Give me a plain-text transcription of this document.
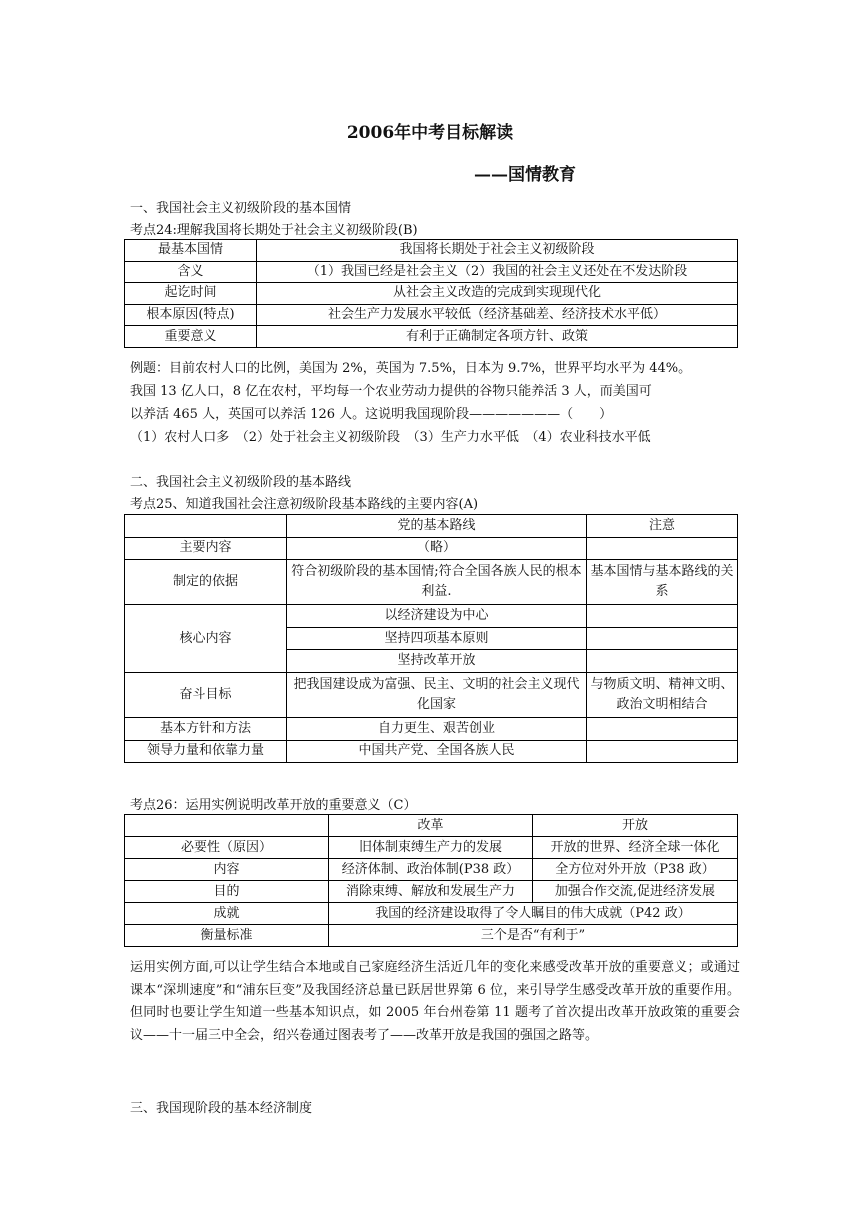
2006年中考目标解读
——国情教育
一、我国社会主义初级阶段的基本国情
考点24:理解我国将长期处于社会主义初级阶段(B)
最基本国情	我国将长期处于社会主义初级阶段
含义	（1）我国已经是社会主义（2）我国的社会主义还处在不发达阶段
起讫时间	从社会主义改造的完成到实现现代化
根本原因(特点)	社会生产力发展水平较低（经济基础差、经济技术水平低）
重要意义	有利于正确制定各项方针、政策
例题：目前农村人口的比例，美国为 2%，英国为 7.5%，日本为 9.7%，世界平均水平为 44%。
我国 13 亿人口，8 亿在农村，平均每一个农业劳动力提供的谷物只能养活 3 人，而美国可
以养活 465 人，英国可以养活 126 人。这说明我国现阶段———————（　　）
（1）农村人口多　（2）处于社会主义初级阶段　（3）生产力水平低　（4）农业科技水平低
二、我国社会主义初级阶段的基本路线
考点25、知道我国社会注意初级阶段基本路线的主要内容(A)
	党的基本路线	注意
主要内容	（略）	
制定的依据	符合初级阶段的基本国情;符合全国各族人民的根本利益.	基本国情与基本路线的关系
核心内容	以经济建设为中心	
	坚持四项基本原则	
	坚持改革开放	
奋斗目标	把我国建设成为富强、民主、文明的社会主义现代化国家	与物质文明、精神文明、政治文明相结合
基本方针和方法	自力更生、艰苦创业	
领导力量和依靠力量	中国共产党、全国各族人民	
考点26：运用实例说明改革开放的重要意义（C）
	改革	开放
必要性（原因）	旧体制束缚生产力的发展	开放的世界、经济全球一体化
内容	经济体制、政治体制(P38 政）	全方位对外开放（P38 政）
目的	消除束缚、解放和发展生产力	加强合作交流,促进经济发展
成就	我国的经济建设取得了令人瞩目的伟大成就（P42 政）	
衡量标准	三个是否“有利于”	
运用实例方面,可以让学生结合本地或自己家庭经济生活近几年的变化来感受改革开放的重要意义；或通过课本“深圳速度”和“浦东巨变”及我国经济总量已跃居世界第 6 位，来引导学生感受改革开放的重要作用。但同时也要让学生知道一些基本知识点，如 2005 年台州卷第 11 题考了首次提出改革开放政策的重要会议——十一届三中全会，绍兴卷通过图表考了——改革开放是我国的强国之路等。
三、我国现阶段的基本经济制度
